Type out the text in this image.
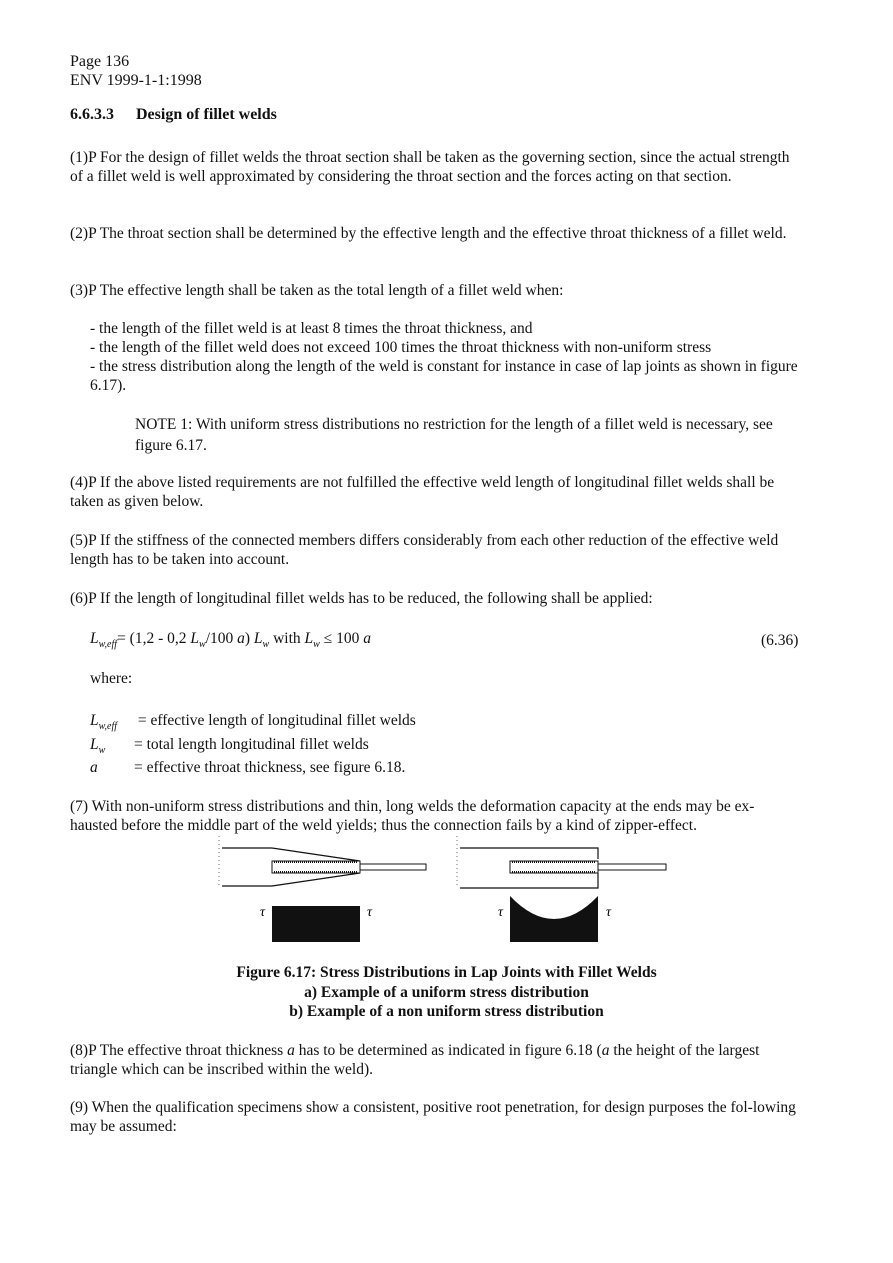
Page 136
ENV 1999-1-1:1998
6.6.3.3 Design of fillet welds
(1)P For the design of fillet welds the throat section shall be taken as the governing section, since the actual strength of a fillet weld is well approximated by considering the throat section and the forces acting on that section.
(2)P The throat section shall be determined by the effective length and the effective throat thickness of a fillet weld.
(3)P The effective length shall be taken as the total length of a fillet weld when:
- the length of the fillet weld is at least 8 times the throat thickness, and
- the length of the fillet weld does not exceed 100 times the throat thickness with non-uniform stress
- the stress distribution along the length of the weld is constant for instance in case of lap joints as shown in figure 6.17).
NOTE 1: With uniform stress distributions no restriction for the length of a fillet weld is necessary, see figure 6.17.
(4)P If the above listed requirements are not fulfilled the effective weld length of longitudinal fillet welds shall be taken as given below.
(5)P If the stiffness of the connected members differs considerably from each other reduction of the effective weld length has to be taken into account.
(6)P If the length of longitudinal fillet welds has to be reduced, the following shall be applied:
$L_{w,eff}= (1,2 - 0,2$ $L_w/100$ a) $L_w$ with $L_w \le 100$ a	(6.36)
where:
$L_{w,eff}$ = effective length of longitudinal fillet welds
$L_w$ = total length longitudinal fillet welds
a = effective throat thickness, see figure 6.18.
(7) With non-uniform stress distributions and thin, long welds the deformation capacity at the ends may be ex-hausted before the middle part of the weld yields; thus the connection fails by a kind of zipper-effect.
τ	τ	τ	τ
Figure 6.17: Stress Distributions in Lap Joints with Fillet Welds
a) Example of a uniform stress distribution
b) Example of a non uniform stress distribution
(8)P The effective throat thickness a has to be determined as indicated in figure 6.18 (a the height of the largest triangle which can be inscribed within the weld).
(9) When the qualification specimens show a consistent, positive root penetration, for design purposes the fol-lowing may be assumed:
